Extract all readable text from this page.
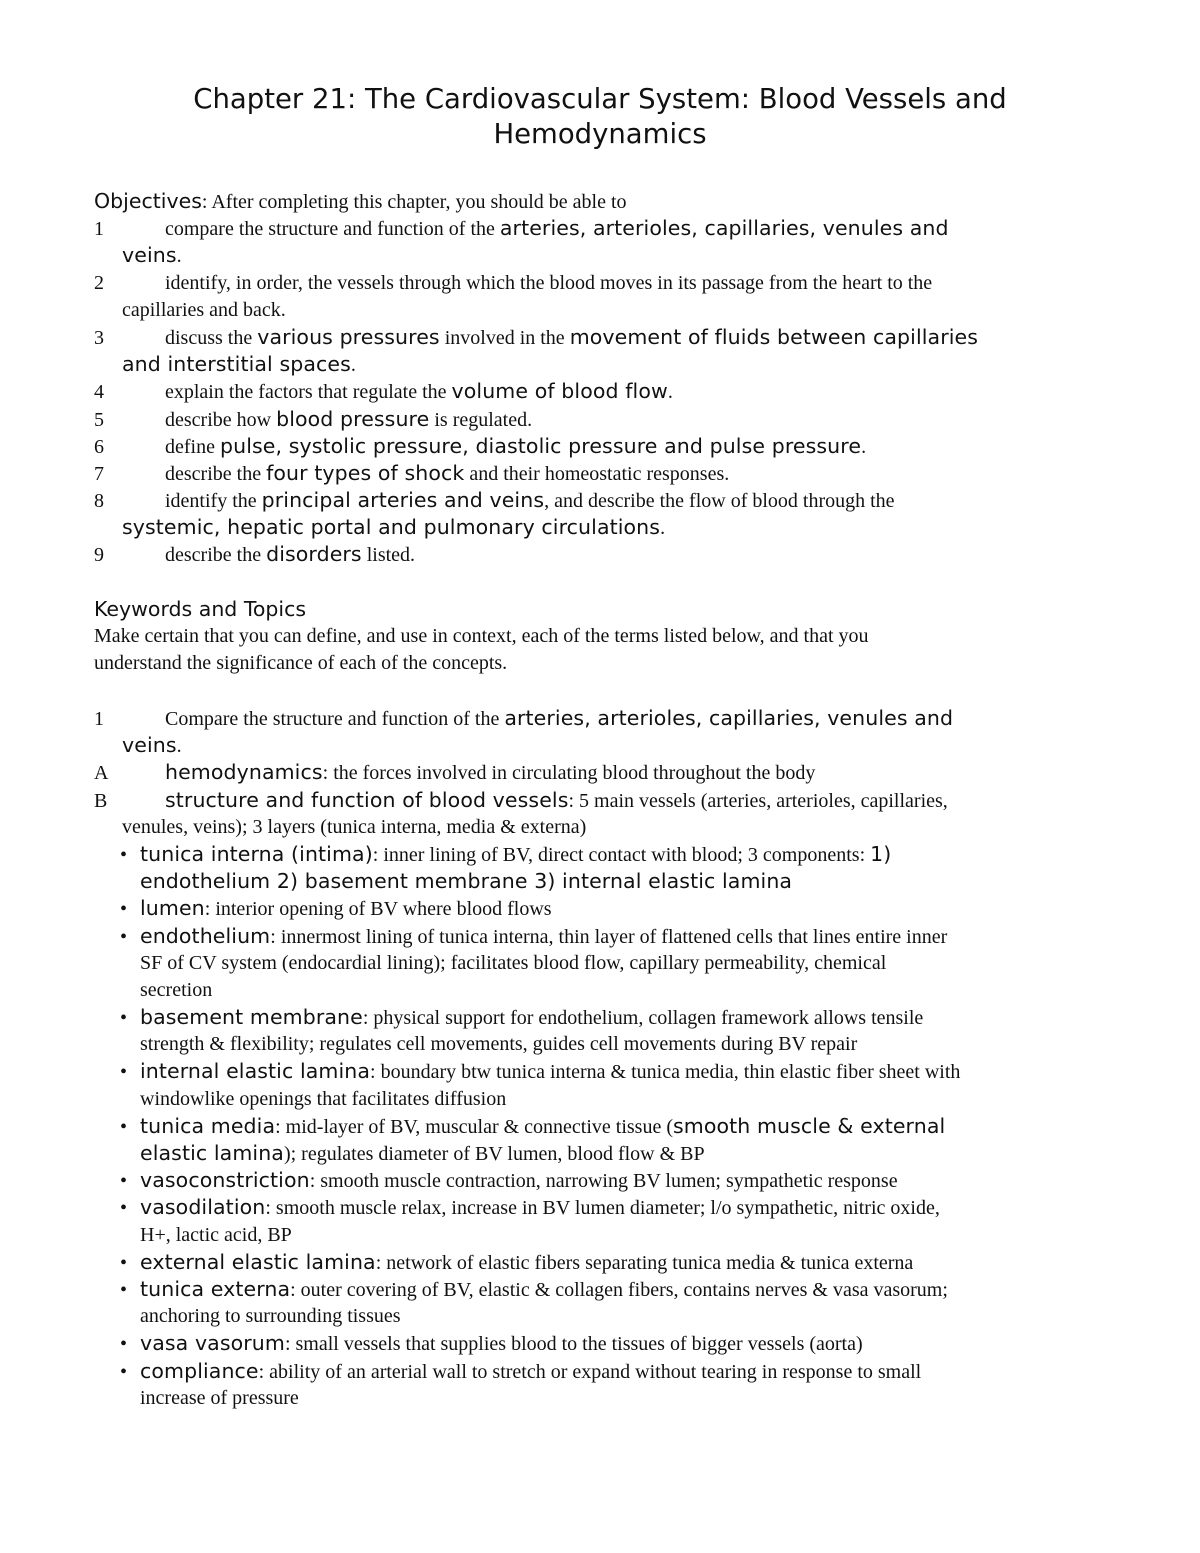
Chapter 21: The Cardiovascular System: Blood Vessels and
Hemodynamics
Objectives: After completing this chapter, you should be able to
1	compare the structure and function of the arteries, arterioles, capillaries, venules and
veins.
2	identify, in order, the vessels through which the blood moves in its passage from the heart to the
capillaries and back.
3	discuss the various pressures involved in the movement of fluids between capillaries
and interstitial spaces.
4	explain the factors that regulate the volume of blood flow.
5	describe how blood pressure is regulated.
6	define pulse, systolic pressure, diastolic pressure and pulse pressure.
7	describe the four types of shock and their homeostatic responses.
8	identify the principal arteries and veins, and describe the flow of blood through the
systemic, hepatic portal and pulmonary circulations.
9	describe the disorders listed.
Keywords and Topics
Make certain that you can define, and use in context, each of the terms listed below, and that you
understand the significance of each of the concepts.
1	Compare the structure and function of the arteries, arterioles, capillaries, venules and
veins.
A	hemodynamics: the forces involved in circulating blood throughout the body
B	structure and function of blood vessels: 5 main vessels (arteries, arterioles, capillaries,
venules, veins); 3 layers (tunica interna, media & externa)
• tunica interna (intima): inner lining of BV, direct contact with blood; 3 components: 1)
endothelium 2) basement membrane 3) internal elastic lamina
• lumen: interior opening of BV where blood flows
• endothelium: innermost lining of tunica interna, thin layer of flattened cells that lines entire inner
SF of CV system (endocardial lining); facilitates blood flow, capillary permeability, chemical
secretion
• basement membrane: physical support for endothelium, collagen framework allows tensile
strength & flexibility; regulates cell movements, guides cell movements during BV repair
• internal elastic lamina: boundary btw tunica interna & tunica media, thin elastic fiber sheet with
windowlike openings that facilitates diffusion
• tunica media: mid-layer of BV, muscular & connective tissue (smooth muscle & external
elastic lamina); regulates diameter of BV lumen, blood flow & BP
• vasoconstriction: smooth muscle contraction, narrowing BV lumen; sympathetic response
• vasodilation: smooth muscle relax, increase in BV lumen diameter; l/o sympathetic, nitric oxide,
H+, lactic acid, BP
• external elastic lamina: network of elastic fibers separating tunica media & tunica externa
• tunica externa: outer covering of BV, elastic & collagen fibers, contains nerves & vasa vasorum;
anchoring to surrounding tissues
• vasa vasorum: small vessels that supplies blood to the tissues of bigger vessels (aorta)
• compliance: ability of an arterial wall to stretch or expand without tearing in response to small
increase of pressure
